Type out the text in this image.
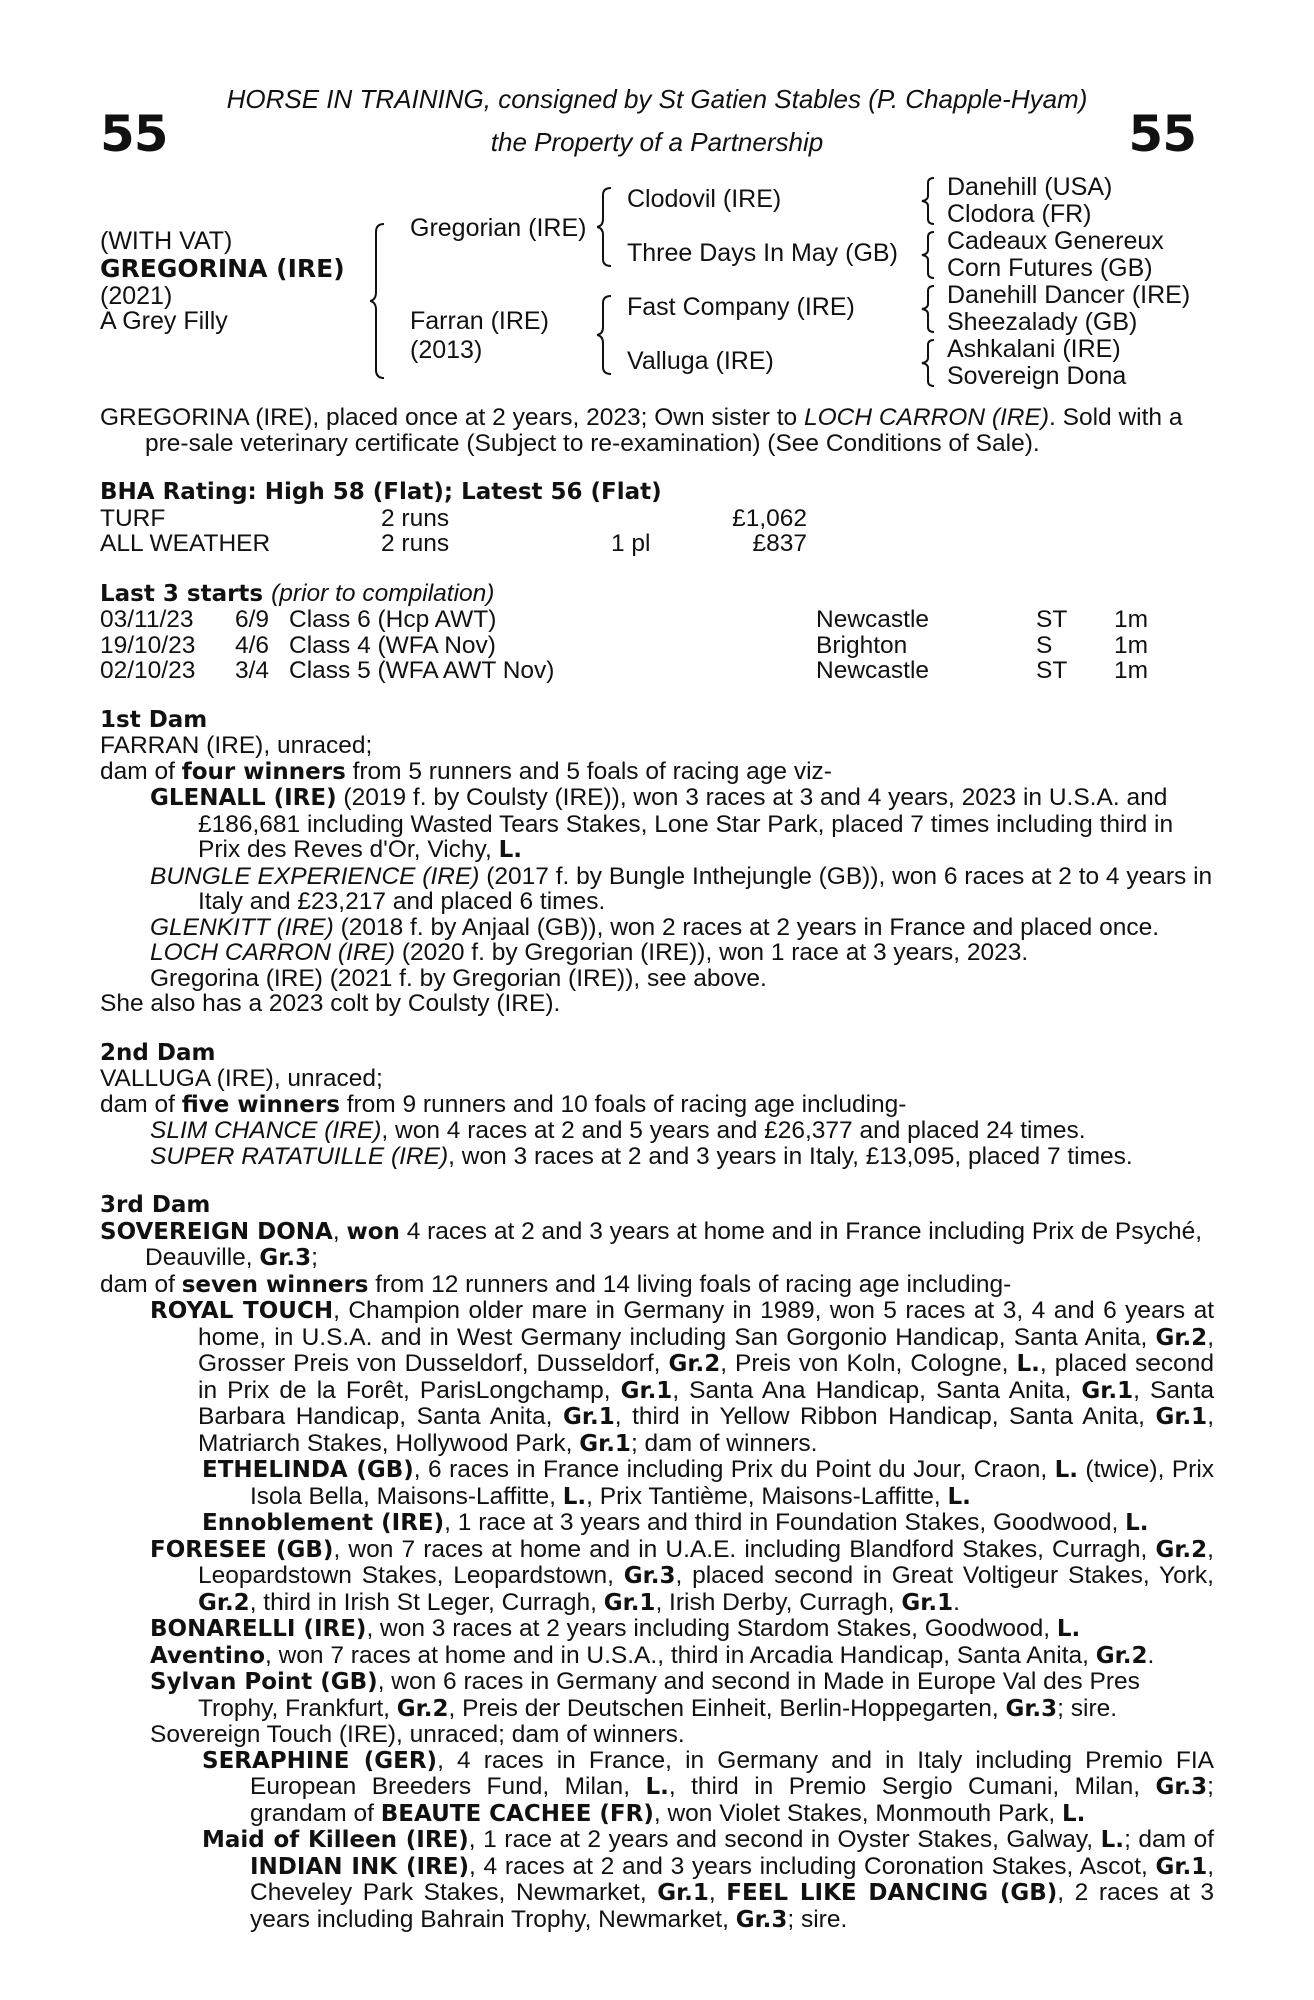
55	55
HORSE IN TRAINING, consigned by St Gatien Stables (P. Chapple-Hyam)
the Property of a Partnership
(WITH VAT)
GREGORINA (IRE)
(2021)
A Grey Filly
Gregorian (IRE)
Farran (IRE)
(2013)
Clodovil (IRE)
Three Days In May (GB)
Fast Company (IRE)
Valluga (IRE)
Danehill (USA)
Clodora (FR)
Cadeaux Genereux
Corn Futures (GB)
Danehill Dancer (IRE)
Sheezalady (GB)
Ashkalani (IRE)
Sovereign Dona

GREGORINA (IRE), placed once at 2 years, 2023; Own sister to LOCH CARRON (IRE). Sold with a pre-sale veterinary certificate (Subject to re-examination) (See Conditions of Sale).

BHA Rating: High 58 (Flat); Latest 56 (Flat)
TURF	2 runs		£1,062
ALL WEATHER	2 runs	1 pl	£837
Last 3 starts (prior to compilation)
03/11/23	6/9	Class 6 (Hcp AWT)	Newcastle	ST	1m
19/10/23	4/6	Class 4 (WFA Nov)	Brighton	S	1m
02/10/23	3/4	Class 5 (WFA AWT Nov)	Newcastle	ST	1m
1st Dam

FARRAN (IRE), unraced;

dam of four winners from 5 runners and 5 foals of racing age viz-

GLENALL (IRE) (2019 f. by Coulsty (IRE)), won 3 races at 3 and 4 years, 2023 in U.S.A. and £186,681 including Wasted Tears Stakes, Lone Star Park, placed 7 times including third in Prix des Reves d'Or, Vichy, L.

BUNGLE EXPERIENCE (IRE) (2017 f. by Bungle Inthejungle (GB)), won 6 races at 2 to 4 years in Italy and £23,217 and placed 6 times.

GLENKITT (IRE) (2018 f. by Anjaal (GB)), won 2 races at 2 years in France and placed once.

LOCH CARRON (IRE) (2020 f. by Gregorian (IRE)), won 1 race at 3 years, 2023.

Gregorina (IRE) (2021 f. by Gregorian (IRE)), see above.

She also has a 2023 colt by Coulsty (IRE).

2nd Dam

VALLUGA (IRE), unraced;

dam of five winners from 9 runners and 10 foals of racing age including-

SLIM CHANCE (IRE), won 4 races at 2 and 5 years and £26,377 and placed 24 times.

SUPER RATATUILLE (IRE), won 3 races at 2 and 3 years in Italy, £13,095, placed 7 times.

3rd Dam

SOVEREIGN DONA, won 4 races at 2 and 3 years at home and in France including Prix de Psyché, Deauville, Gr.3;

dam of seven winners from 12 runners and 14 living foals of racing age including-

ROYAL TOUCH, Champion older mare in Germany in 1989, won 5 races at 3, 4 and 6 years at home, in U.S.A. and in West Germany including San Gorgonio Handicap, Santa Anita, Gr.2, Grosser Preis von Dusseldorf, Dusseldorf, Gr.2, Preis von Koln, Cologne, L., placed second in Prix de la Forêt, ParisLongchamp, Gr.1, Santa Ana Handicap, Santa Anita, Gr.1, Santa Barbara Handicap, Santa Anita, Gr.1, third in Yellow Ribbon Handicap, Santa Anita, Gr.1, Matriarch Stakes, Hollywood Park, Gr.1; dam of winners.

ETHELINDA (GB), 6 races in France including Prix du Point du Jour, Craon, L. (twice), Prix Isola Bella, Maisons-Laffitte, L., Prix Tantième, Maisons-Laffitte, L.

Ennoblement (IRE), 1 race at 3 years and third in Foundation Stakes, Goodwood, L.

FORESEE (GB), won 7 races at home and in U.A.E. including Blandford Stakes, Curragh, Gr.2, Leopardstown Stakes, Leopardstown, Gr.3, placed second in Great Voltigeur Stakes, York, Gr.2, third in Irish St Leger, Curragh, Gr.1, Irish Derby, Curragh, Gr.1.

BONARELLI (IRE), won 3 races at 2 years including Stardom Stakes, Goodwood, L.

Aventino, won 7 races at home and in U.S.A., third in Arcadia Handicap, Santa Anita, Gr.2.

Sylvan Point (GB), won 6 races in Germany and second in Made in Europe Val des Pres Trophy, Frankfurt, Gr.2, Preis der Deutschen Einheit, Berlin-Hoppegarten, Gr.3; sire.

Sovereign Touch (IRE), unraced; dam of winners.

SERAPHINE (GER), 4 races in France, in Germany and in Italy including Premio FIA European Breeders Fund, Milan, L., third in Premio Sergio Cumani, Milan, Gr.3; grandam of BEAUTE CACHEE (FR), won Violet Stakes, Monmouth Park, L.

Maid of Killeen (IRE), 1 race at 2 years and second in Oyster Stakes, Galway, L.; dam of INDIAN INK (IRE), 4 races at 2 and 3 years including Coronation Stakes, Ascot, Gr.1, Cheveley Park Stakes, Newmarket, Gr.1, FEEL LIKE DANCING (GB), 2 races at 3 years including Bahrain Trophy, Newmarket, Gr.3; sire.
